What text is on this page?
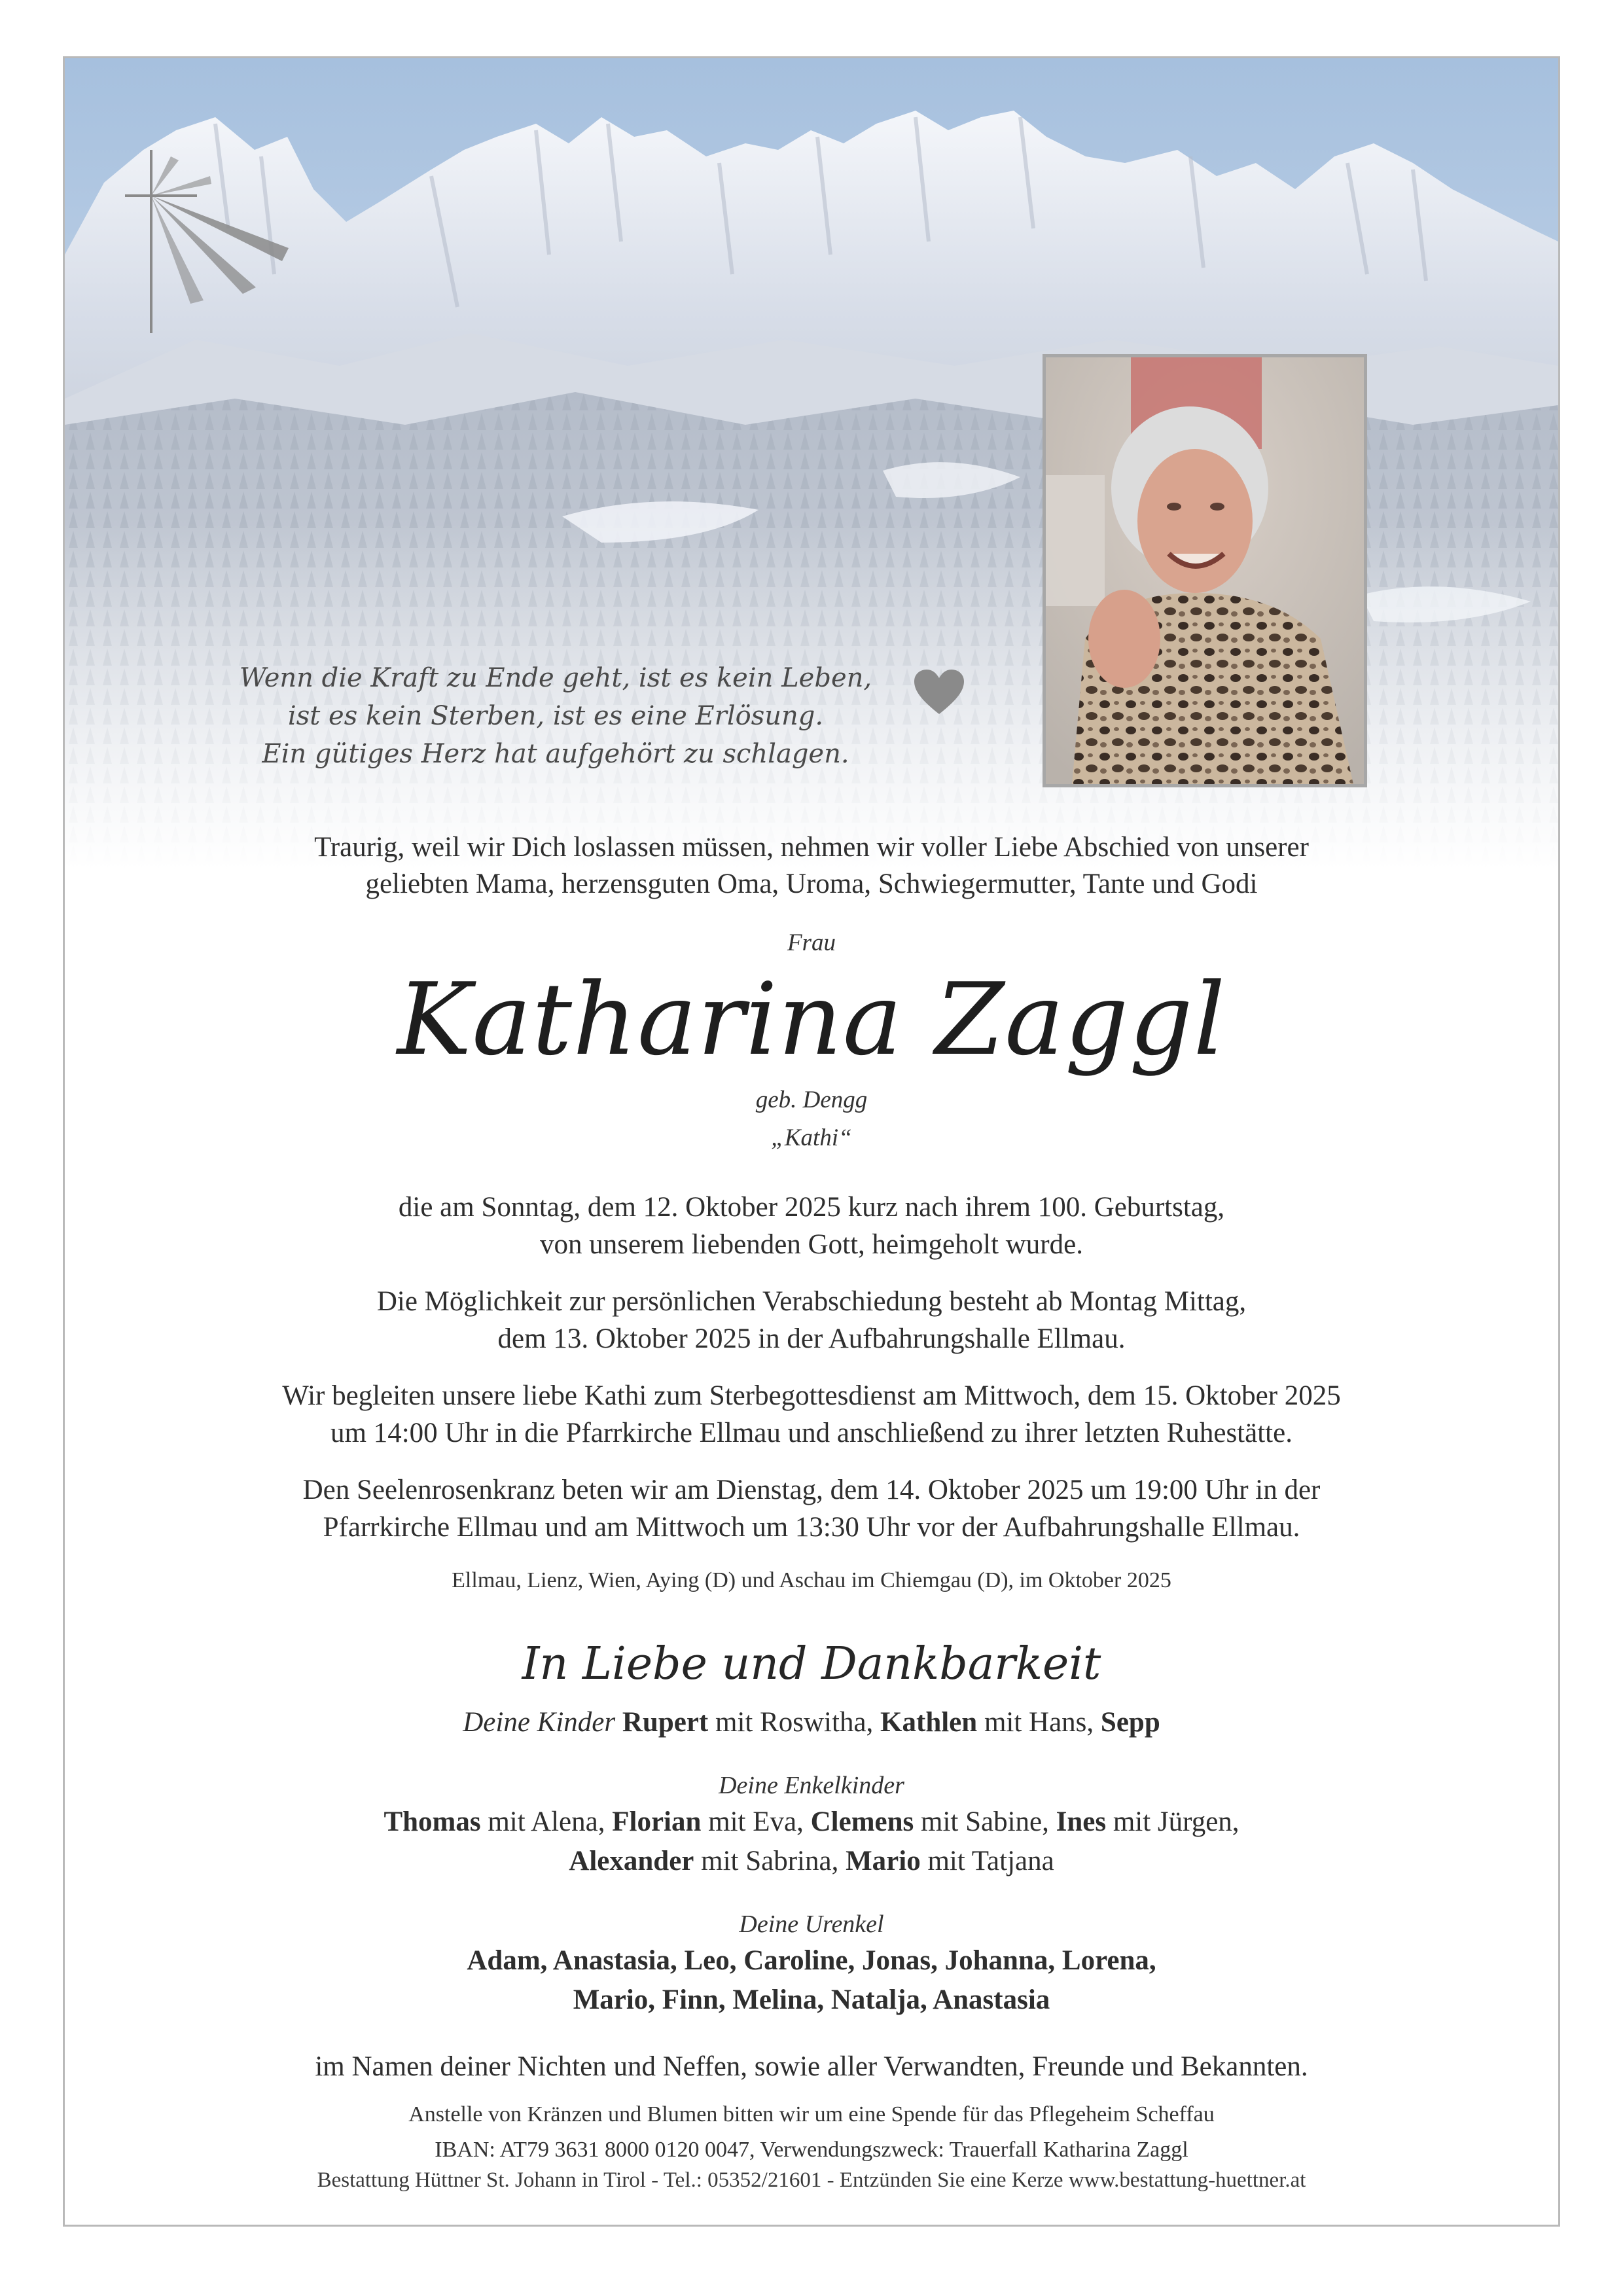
Wenn die Kraft zu Ende geht, ist es kein Leben,
ist es kein Sterben, ist es eine Erlösung.
Ein gütiges Herz hat aufgehört zu schlagen.
Traurig, weil wir Dich loslassen müssen, nehmen wir voller Liebe Abschied von unserer
geliebten Mama, herzensguten Oma, Uroma, Schwiegermutter, Tante und Godi
Frau
Katharina Zaggl
geb. Dengg
„Kathi“
die am Sonntag, dem 12. Oktober 2025 kurz nach ihrem 100. Geburtstag,
von unserem liebenden Gott, heimgeholt wurde.
Die Möglichkeit zur persönlichen Verabschiedung besteht ab Montag Mittag,
dem 13. Oktober 2025 in der Aufbahrungshalle Ellmau.
Wir begleiten unsere liebe Kathi zum Sterbegottesdienst am Mittwoch, dem 15. Oktober 2025
um 14:00 Uhr in die Pfarrkirche Ellmau und anschließend zu ihrer letzten Ruhestätte.
Den Seelenrosenkranz beten wir am Dienstag, dem 14. Oktober 2025 um 19:00 Uhr in der
Pfarrkirche Ellmau und am Mittwoch um 13:30 Uhr vor der Aufbahrungshalle Ellmau.
Ellmau, Lienz, Wien, Aying (D) und Aschau im Chiemgau (D), im Oktober 2025
In Liebe und Dankbarkeit
Deine Kinder Rupert mit Roswitha, Kathlen mit Hans, Sepp
Deine Enkelkinder
Thomas mit Alena, Florian mit Eva, Clemens mit Sabine, Ines mit Jürgen,
Alexander mit Sabrina, Mario mit Tatjana
Deine Urenkel
Adam, Anastasia, Leo, Caroline, Jonas, Johanna, Lorena,
Mario, Finn, Melina, Natalja, Anastasia
im Namen deiner Nichten und Neffen, sowie aller Verwandten, Freunde und Bekannten.
Anstelle von Kränzen und Blumen bitten wir um eine Spende für das Pflegeheim Scheffau
IBAN: AT79 3631 8000 0120 0047, Verwendungszweck: Trauerfall Katharina Zaggl
Bestattung Hüttner St. Johann in Tirol - Tel.: 05352/21601 - Entzünden Sie eine Kerze www.bestattung-huettner.at
